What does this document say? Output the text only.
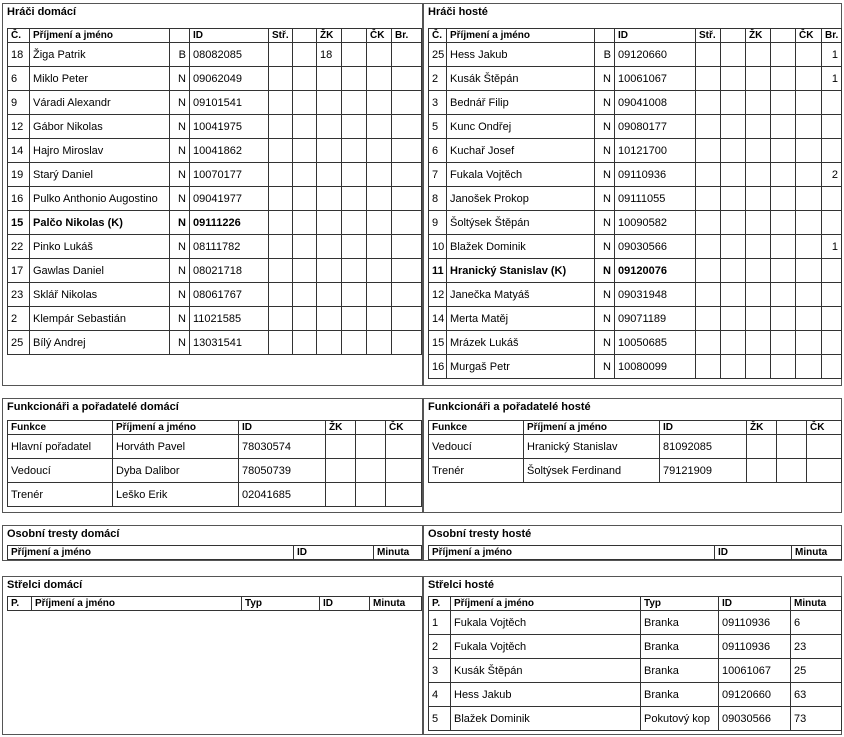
Hráči domácí
Č.	Příjmení a jméno		ID	Stř.		ŽK		ČK	Br.
18	Žiga Patrik	B	08082085			18			
6	Miklo Peter	N	09062049						
9	Váradi Alexandr	N	09101541						
12	Gábor Nikolas	N	10041975						
14	Hajro Miroslav	N	10041862						
19	Starý Daniel	N	10070177						
16	Pulko Anthonio Augostino	N	09041977						
15	Palčo Nikolas (K)	N	09111226						
22	Pinko Lukáš	N	08111782						
17	Gawlas Daniel	N	08021718						
23	Sklář Nikolas	N	08061767						
2	Klempár Sebastián	N	11021585						
25	Bílý Andrej	N	13031541						
Hráči hosté
Č.	Příjmení a jméno		ID	Stř.		ŽK		ČK	Br.
25	Hess Jakub	B	09120660						1
2	Kusák Štěpán	N	10061067						1
3	Bednář Filip	N	09041008						
5	Kunc Ondřej	N	09080177						
6	Kuchař Josef	N	10121700						
7	Fukala Vojtěch	N	09110936						2
8	Janošek Prokop	N	09111055						
9	Šoltýsek Štěpán	N	10090582						
10	Blažek Dominik	N	09030566						1
11	Hranický Stanislav (K)	N	09120076						
12	Janečka Matyáš	N	09031948						
14	Merta Matěj	N	09071189						
15	Mrázek Lukáš	N	10050685						
16	Murgaš Petr	N	10080099						
Funkcionáři a pořadatelé domácí
Funkce	Příjmení a jméno	ID	ŽK		ČK
Hlavní pořadatel	Horváth Pavel	78030574			
Vedoucí	Dyba Dalibor	78050739			
Trenér	Leško Erik	02041685			
Funkcionáři a pořadatelé hosté
Funkce	Příjmení a jméno	ID	ŽK		ČK
Vedoucí	Hranický Stanislav	81092085			
Trenér	Šoltýsek Ferdinand	79121909			
Osobní tresty domácí
Příjmení a jméno	ID	Minuta
Osobní tresty hosté
Příjmení a jméno	ID	Minuta
Střelci domácí
P.	Příjmení a jméno	Typ	ID	Minuta
Střelci hosté
P.	Příjmení a jméno	Typ	ID	Minuta
1	Fukala Vojtěch	Branka	09110936	6
2	Fukala Vojtěch	Branka	09110936	23
3	Kusák Štěpán	Branka	10061067	25
4	Hess Jakub	Branka	09120660	63
5	Blažek Dominik	Pokutový kop	09030566	73
